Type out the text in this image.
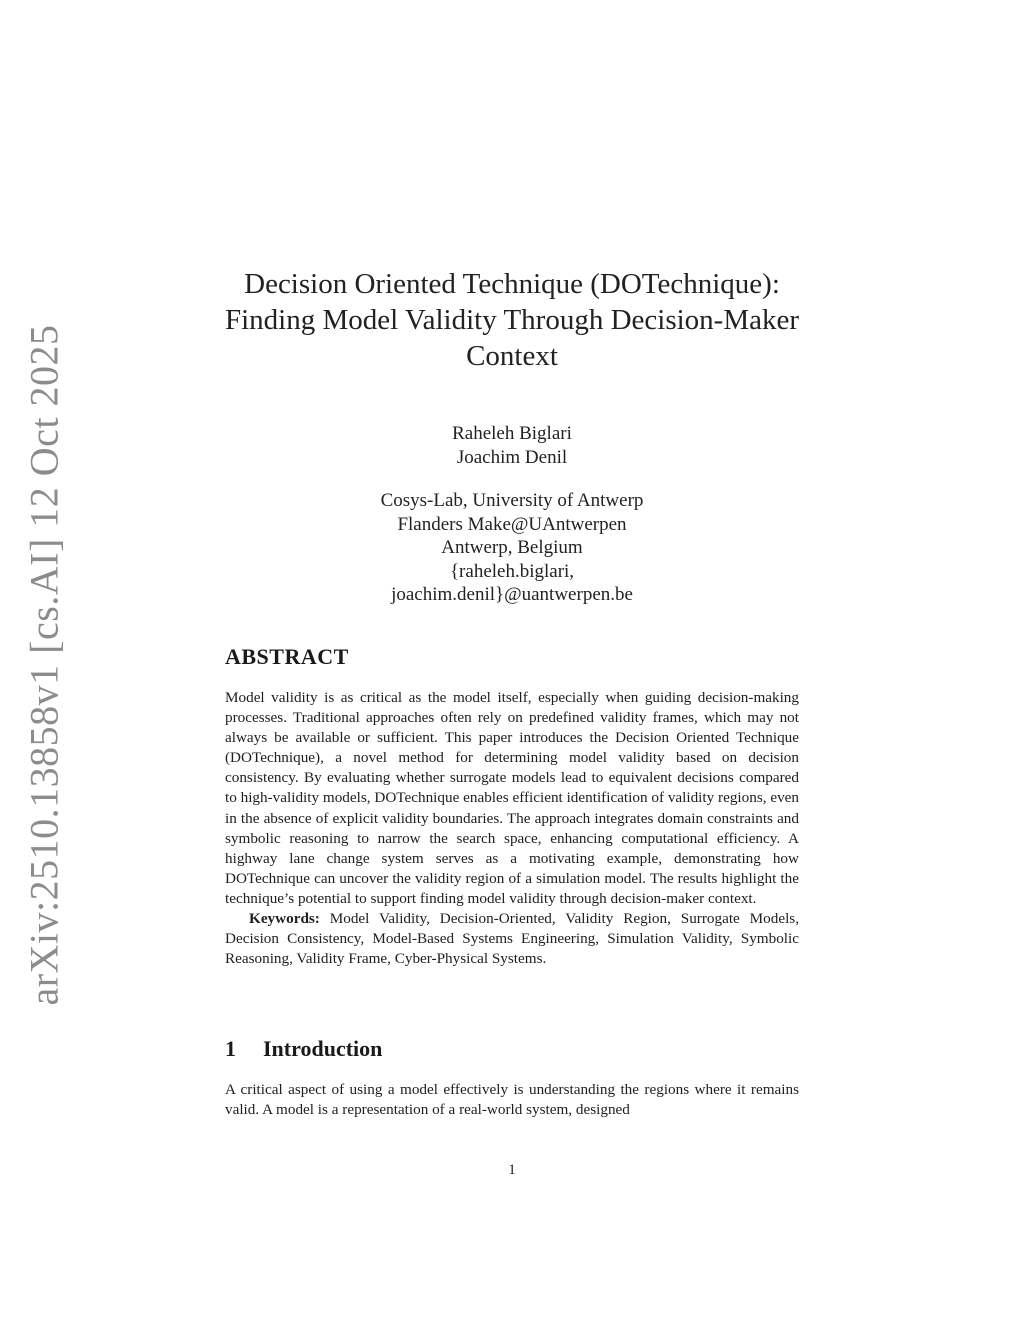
arXiv:2510.13858v1 [cs.AI] 12 Oct 2025
Decision Oriented Technique (DOTechnique):
Finding Model Validity Through Decision-Maker
Context
Raheleh Biglari
Joachim Denil
Cosys-Lab, University of Antwerp
Flanders Make@UAntwerpen
Antwerp, Belgium
{raheleh.biglari,
joachim.denil}@uantwerpen.be
ABSTRACT

Model validity is as critical as the model itself, especially when guiding decision-making processes. Traditional approaches often rely on predefined validity frames, which may not always be available or sufficient. This paper introduces the Decision Oriented Technique (DOTechnique), a novel method for determining model validity based on decision consistency. By evaluating whether surrogate models lead to equivalent decisions compared to high-validity models, DOTechnique enables efficient identification of validity regions, even in the absence of explicit validity boundaries. The approach integrates domain constraints and symbolic reasoning to narrow the search space, enhancing computational efficiency. A highway lane change system serves as a motivating example, demonstrating how DOTechnique can uncover the validity region of a simulation model. The results highlight the technique’s potential to support finding model validity through decision-maker context.

Keywords: Model Validity, Decision-Oriented, Validity Region, Surrogate Models, Decision Consistency, Model-Based Systems Engineering, Simulation Validity, Symbolic Reasoning, Validity Frame, Cyber-Physical Systems.

1 Introduction

A critical aspect of using a model effectively is understanding the regions where it remains valid. A model is a representation of a real-world system, designed

1
